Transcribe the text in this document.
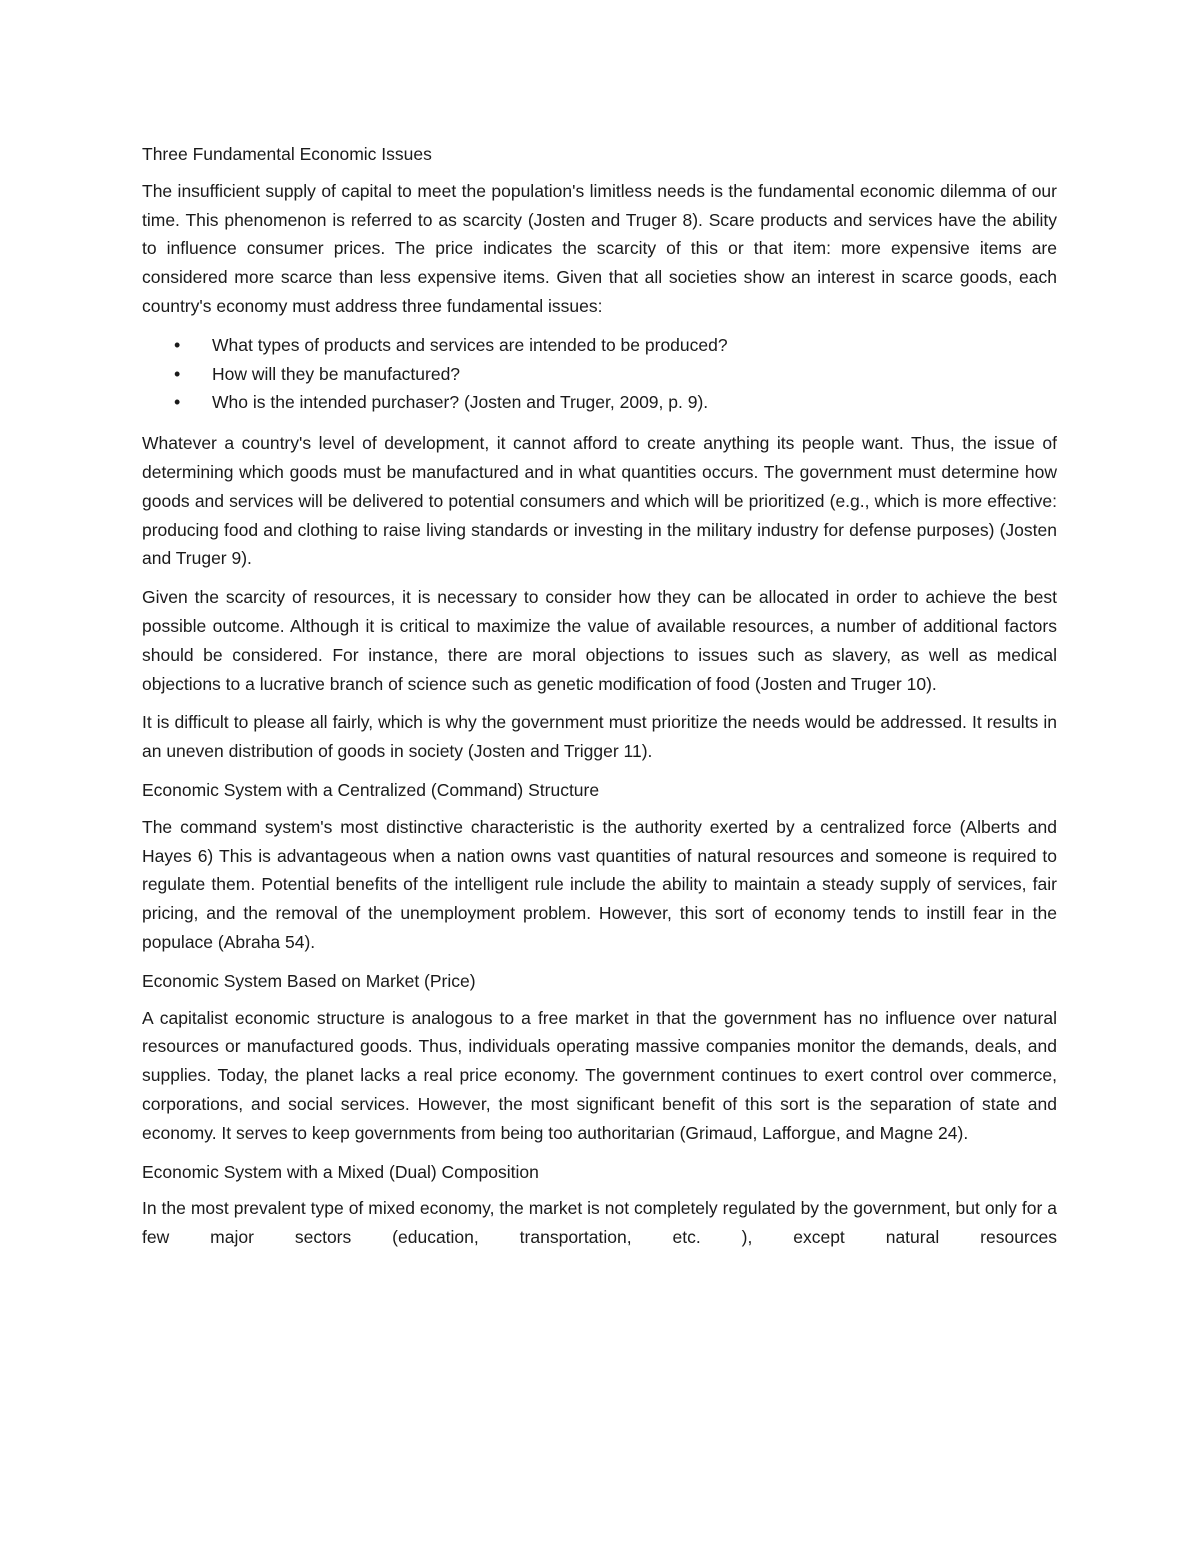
Three Fundamental Economic Issues

The insufficient supply of capital to meet the population's limitless needs is the fundamental economic dilemma of our time. This phenomenon is referred to as scarcity (Josten and Truger 8). Scare products and services have the ability to influence consumer prices. The price indicates the scarcity of this or that item: more expensive items are considered more scarce than less expensive items. Given that all societies show an interest in scarce goods, each country's economy must address three fundamental issues:

• What types of products and services are intended to be produced?
• How will they be manufactured?
• Who is the intended purchaser? (Josten and Truger, 2009, p. 9).

Whatever a country's level of development, it cannot afford to create anything its people want. Thus, the issue of determining which goods must be manufactured and in what quantities occurs. The government must determine how goods and services will be delivered to potential consumers and which will be prioritized (e.g., which is more effective: producing food and clothing to raise living standards or investing in the military industry for defense purposes) (Josten and Truger 9).

Given the scarcity of resources, it is necessary to consider how they can be allocated in order to achieve the best possible outcome. Although it is critical to maximize the value of available resources, a number of additional factors should be considered. For instance, there are moral objections to issues such as slavery, as well as medical objections to a lucrative branch of science such as genetic modification of food (Josten and Truger 10).

It is difficult to please all fairly, which is why the government must prioritize the needs would be addressed. It results in an uneven distribution of goods in society (Josten and Trigger 11).

Economic System with a Centralized (Command) Structure

The command system's most distinctive characteristic is the authority exerted by a centralized force (Alberts and Hayes 6) This is advantageous when a nation owns vast quantities of natural resources and someone is required to regulate them. Potential benefits of the intelligent rule include the ability to maintain a steady supply of services, fair pricing, and the removal of the unemployment problem. However, this sort of economy tends to instill fear in the populace (Abraha 54).

Economic System Based on Market (Price)

A capitalist economic structure is analogous to a free market in that the government has no influence over natural resources or manufactured goods. Thus, individuals operating massive companies monitor the demands, deals, and supplies. Today, the planet lacks a real price economy. The government continues to exert control over commerce, corporations, and social services. However, the most significant benefit of this sort is the separation of state and economy. It serves to keep governments from being too authoritarian (Grimaud, Lafforgue, and Magne 24).

Economic System with a Mixed (Dual) Composition

In the most prevalent type of mixed economy, the market is not completely regulated by the government, but only for a few major sectors (education, transportation, etc. ), except natural resources
